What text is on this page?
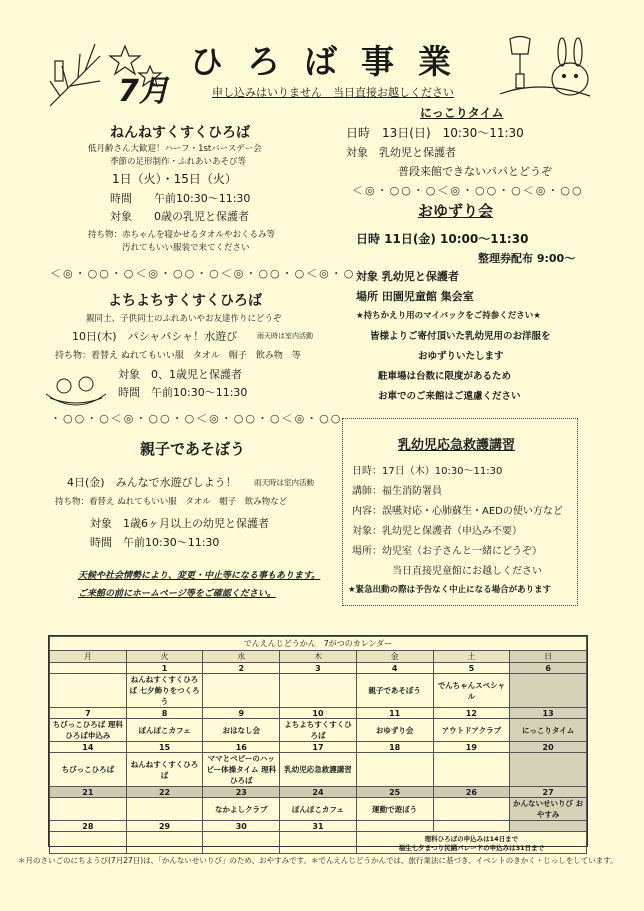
ひろば事業
7月	申し込みはいりません　当日直接お越しください
ねんねすくすくひろば
低月齢さん大歓迎！ハーフ・1stバースデー会
季節の足形制作・ふれあいあそび等
1日（火）・15日（火）
時間　　午前10:30〜11:30
対象　　0歳の乳児と保護者
持ち物：赤ちゃんを寝かせるタオルやおくるみ等
汚れてもいい服装で来てください
＜◎・○○・○＜◎・○○・○＜◎・○○・○＜◎・○
よちよちすくすくひろば
親同士、子供同士のふれあいやお友達作りにどうぞ
10日(木)　パシャパシャ！水遊び	雨天時は室内活動
持ち物：着替え ぬれてもいい服　タオル　帽子　飲み物　等
対象　0、1歳児と保護者
時間　午前10:30〜11:30
・○○・○＜◎・○○・○＜◎・○○・○＜◎・○○
親子であそぼう
4日(金)　みんなで水遊びしよう！ 雨天時は室内活動
持ち物：着替え ぬれてもいい服　タオル　帽子　飲み物など
対象　1歳6ヶ月以上の幼児と保護者
時間　午前10:30〜11:30
天候や社会情勢により、変更・中止等になる事もあります。
ご来館の前にホームページ等をご確認ください。
にっこりタイム
日時　13日(日)　10:30〜11:30
対象　乳幼児と保護者
普段来館できないパパとどうぞ
＜◎・○○・○＜◎・○○・○＜◎・○○
おゆずり会
日時 11日(金) 10:00〜11:30
整理券配布 9:00〜
対象 乳幼児と保護者
場所 田園児童館 集会室
★持ちかえり用のマイバックをご持参ください★
皆様よりご寄付頂いた乳幼児用のお洋服を
おゆずりいたします
駐車場は台数に限度があるため
お車でのご来館はご遠慮ください
乳幼児応急救護講習
日時：17日（木）10:30〜11:30
講師：福生消防署員
内容：誤嚥対応・心肺蘇生・AEDの使い方など
対象：乳幼児と保護者（申込み不要）
場所：幼児室（お子さんと一緒にどうぞ）
当日直接児童館にお越しください
★緊急出動の際は予告なく中止になる場合があります
でんえんじどうかん　7がつのカレンダー						
月	火	水	木	金	土	日
	1	2	3	4	5	6
	ねんねすくすくひろば 七夕飾りをつくろう			親子であそぼう	でんちゃんスペシャル	
7	8	9	10	11	12	13
ちびっこひろば 理科ひろば申込み	ぽんぽこカフェ	おはなし会	よちよちすくすくひろば	おゆずり会	アウトドアクラブ	にっこりタイム
14	15	16	17	18	19	20
ちびっこひろば	ねんねすくすくひろば	ママとベビーのハッピー体操タイム 理科ひろば	乳幼児応急救護講習			
21	22	23	24	25	26	27
		なかよしクラブ	ぽんぽこカフェ	運動で遊ぼう		かんないせいりび おやすみ
28	29	30	31			

				理科ひろばの申込みは14日まで
福生七夕まつり民踊パレードの申込みは31日まで		
＊月のさいごのにちようび(7月27日)は、「かんないせいりび」のため、おやすみです。＊でんえんじどうかんでは、旅行業法に基づき、イベントのきかく・じっしをしています。
